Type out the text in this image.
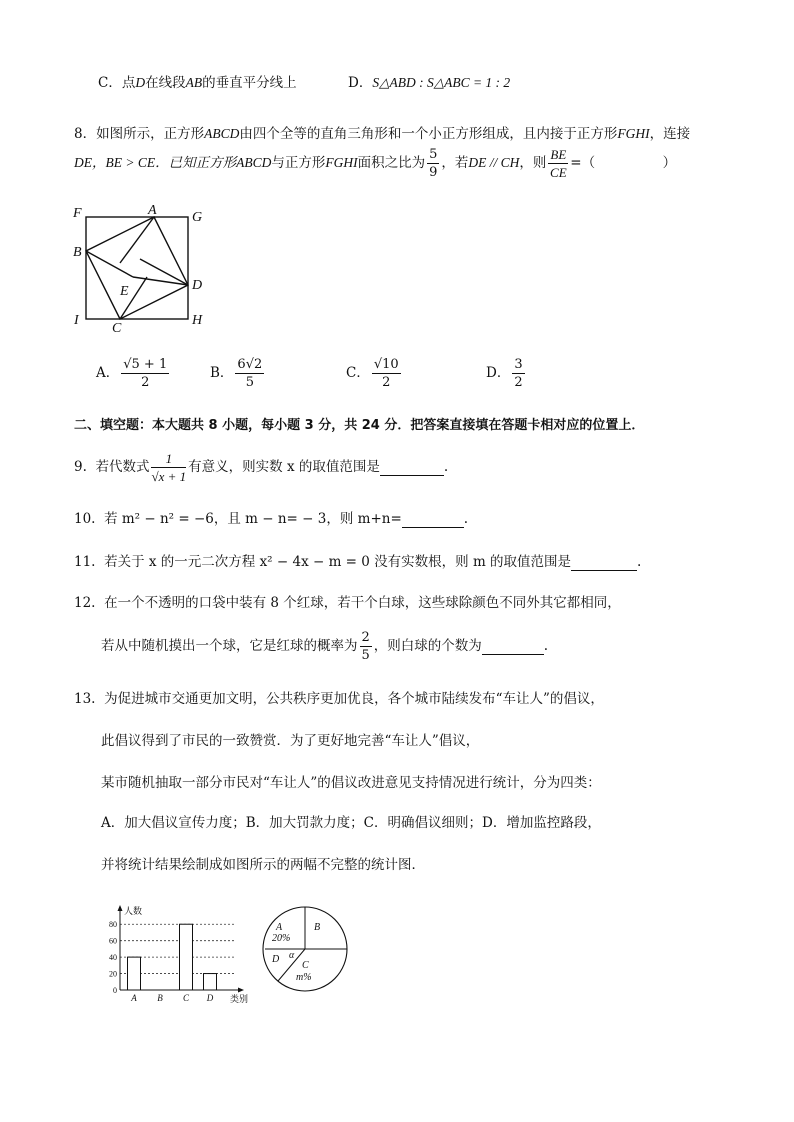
C．点D在线段AB的垂直平分线上	D．S△ABD : S△ABC = 1 : 2
8．如图所示，正方形ABCD由四个全等的直角三角形和一个小正方形组成，且内接于正方形FGHI，连接
DE，BE > CE．已知正方形ABCD与正方形FGHI面积之比为 $\frac{5}{9}$ ，若DE // CH，则 $\frac{BE}{CE}$ =（　　　　　）
F	A	G
B
D
E
I
C
H
A． $\frac{√5 + 1}{2}$	B． $\frac{6√2}{5}$	C． $\frac{√10}{2}$	D． $\frac{3}{2}$
二、填空题：本大题共 8 小题，每小题 3 分，共 24 分．把答案直接填在答题卡相对应的位置上．
9. 若代数式 $\frac{1}{√x + 1}$ 有意义，则实数 x 的取值范围是	.
10. 若 m² − n² = −6，且 m − n= − 3，则 m+n=	.
11. 若关于 x 的一元二次方程 x² − 4x − m = 0 没有实数根，则 m 的取值范围是	.
12. 在一个不透明的口袋中装有 8 个红球，若干个白球，这些球除颜色不同外其它都相同，
若从中随机摸出一个球，它是红球的概率为 $\frac{2}{5}$ ，则白球的个数为	.
13. 为促进城市交通更加文明，公共秩序更加优良，各个城市陆续发布“车让人”的倡议，
此倡议得到了市民的一致赞赏．为了更好地完善“车让人”倡议，
某市随机抽取一部分市民对“车让人”的倡议改进意见支持情况进行统计，分为四类：
A．加大倡议宣传力度；B．加大罚款力度；C．明确倡议细则；D．增加监控路段，
并将统计结果绘制成如图所示的两幅不完整的统计图．
0
20
40
60
80
人数
类别
A B C D
A
20%
B
D α
C
m%
